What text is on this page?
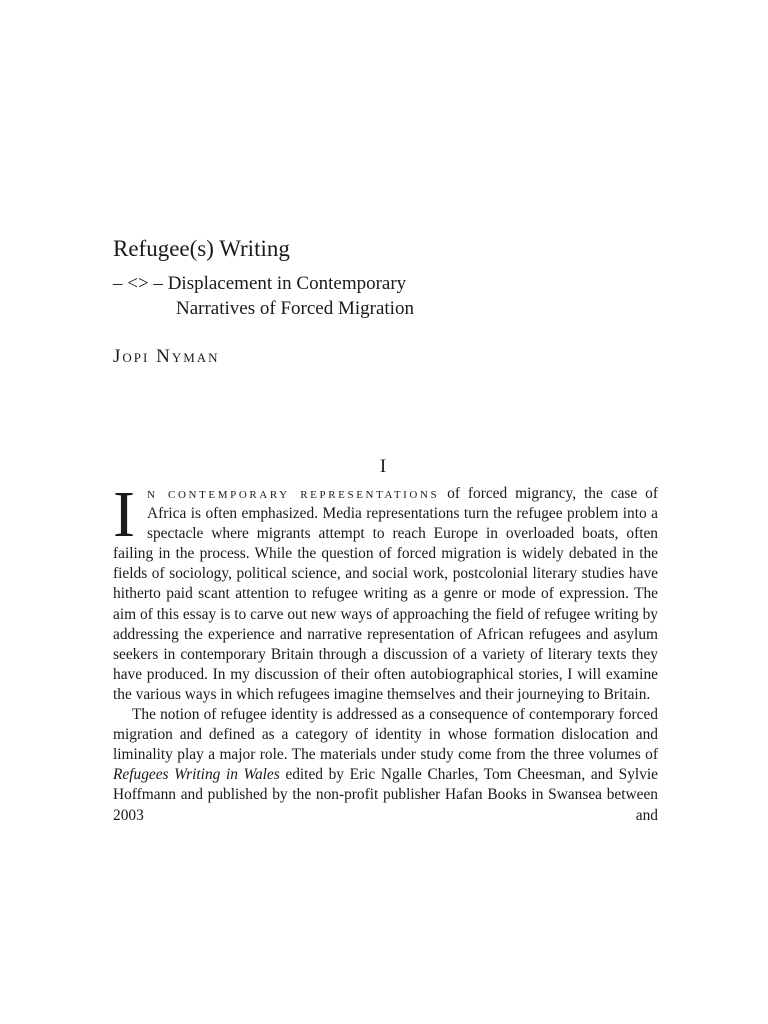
Refugee(s) Writing
– <> – Displacement in Contemporary
Narratives of Forced Migration
Jopi Nyman
I

I n contemporary representations of forced migrancy, the case of Africa is often emphasized. Media representations turn the refugee problem into a spectacle where migrants attempt to reach Europe in overloaded boats, often failing in the process. While the question of forced migration is widely debated in the fields of sociology, political science, and social work, postcolonial literary studies have hitherto paid scant attention to refugee writing as a genre or mode of expression. The aim of this essay is to carve out new ways of approaching the field of refugee writing by addressing the experience and narrative representation of African refugees and asylum seekers in contemporary Britain through a discussion of a variety of literary texts they have produced. In my discussion of their often autobiographical stories, I will examine the various ways in which refugees imagine themselves and their journeying to Britain.

The notion of refugee identity is addressed as a consequence of contemporary forced migration and defined as a category of identity in whose formation dislocation and liminality play a major role. The materials under study come from the three volumes of Refugees Writing in Wales edited by Eric Ngalle Charles, Tom Cheesman, and Sylvie Hoffmann and published by the non-profit publisher Hafan Books in Swansea between 2003 and
